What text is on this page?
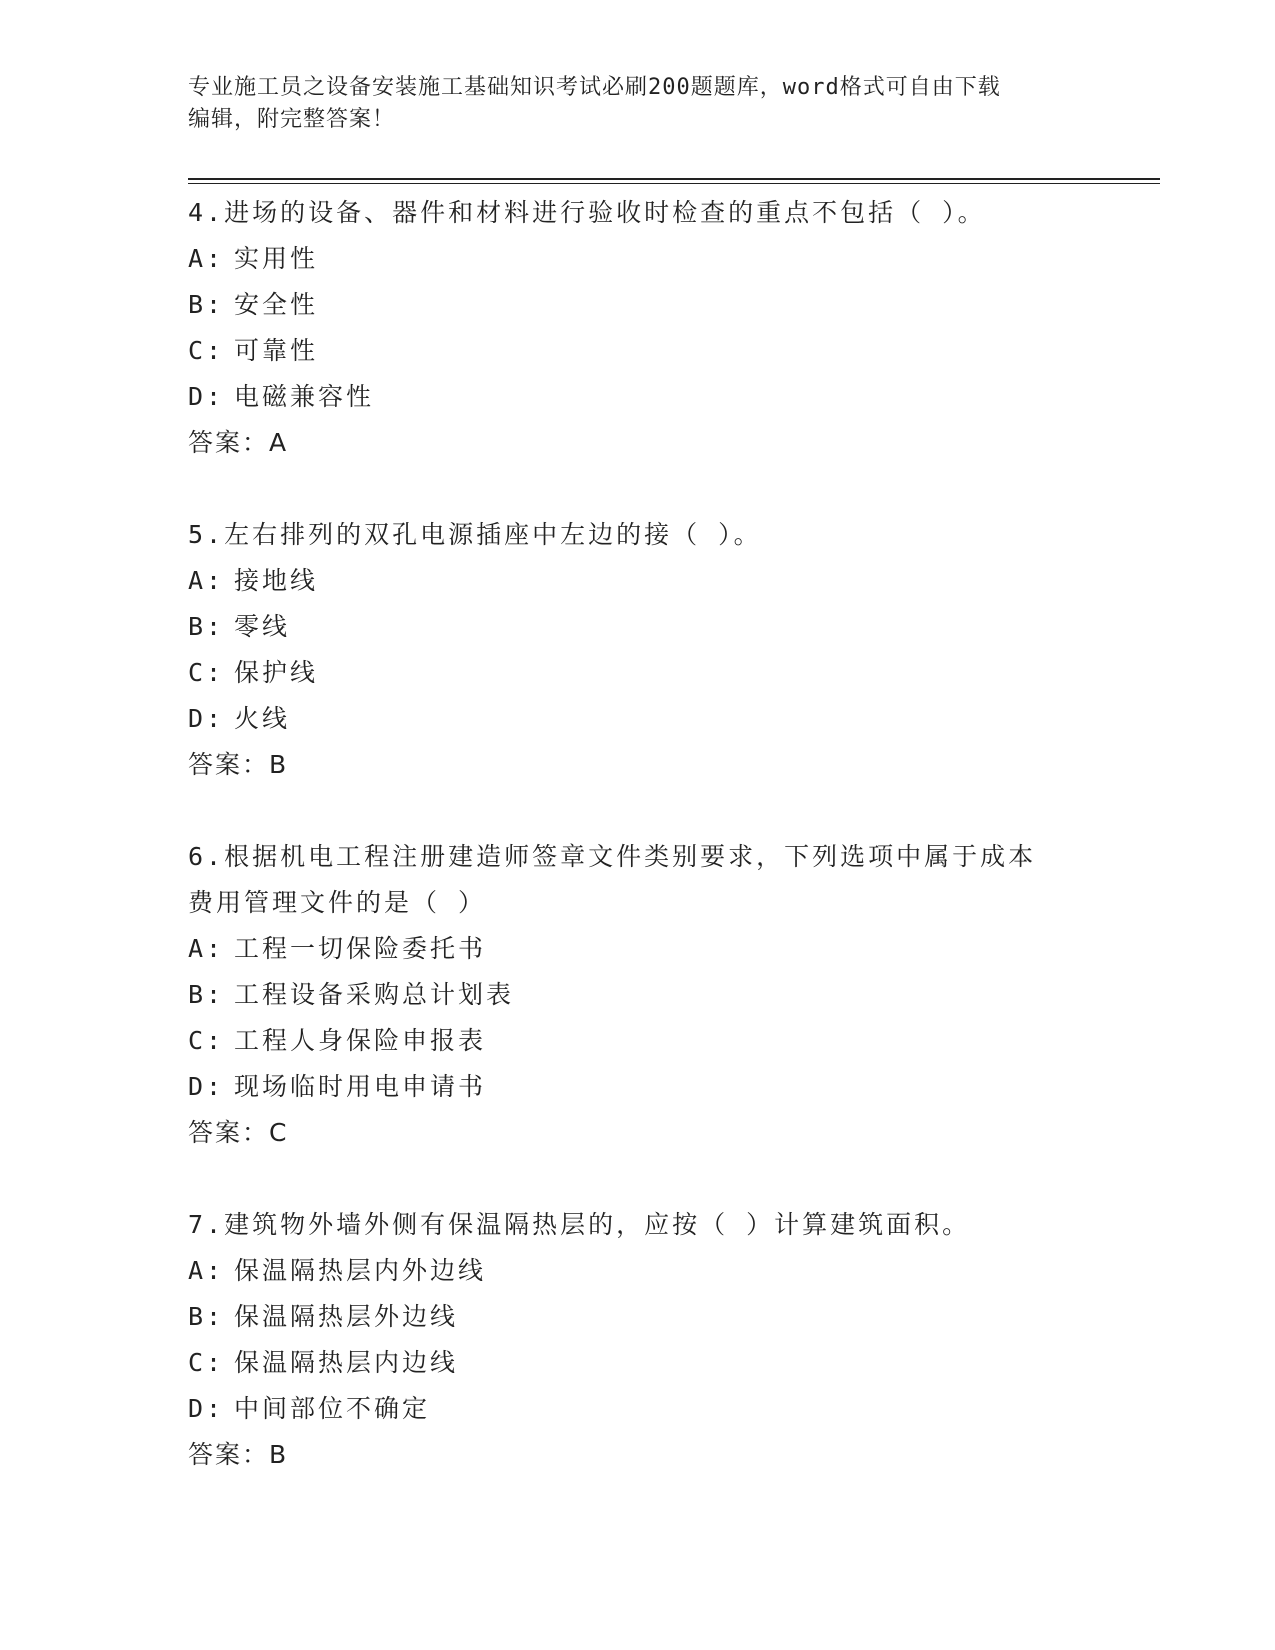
专业施工员之设备安装施工基础知识考试必刷200题题库，word格式可自由下载
编辑，附完整答案！

4.进场的设备、器件和材料进行验收时检查的重点不包括（ ）。

A: 实用性

B: 安全性

C: 可靠性

D: 电磁兼容性

答案：A

5.左右排列的双孔电源插座中左边的接（ ）。

A: 接地线

B: 零线

C: 保护线

D: 火线

答案：B

6.根据机电工程注册建造师签章文件类别要求，下列选项中属于成本

费用管理文件的是（ ）

A: 工程一切保险委托书

B: 工程设备采购总计划表

C: 工程人身保险申报表

D: 现场临时用电申请书

答案：C

7.建筑物外墙外侧有保温隔热层的，应按（ ）计算建筑面积。

A: 保温隔热层内外边线

B: 保温隔热层外边线

C: 保温隔热层内边线

D: 中间部位不确定

答案：B
